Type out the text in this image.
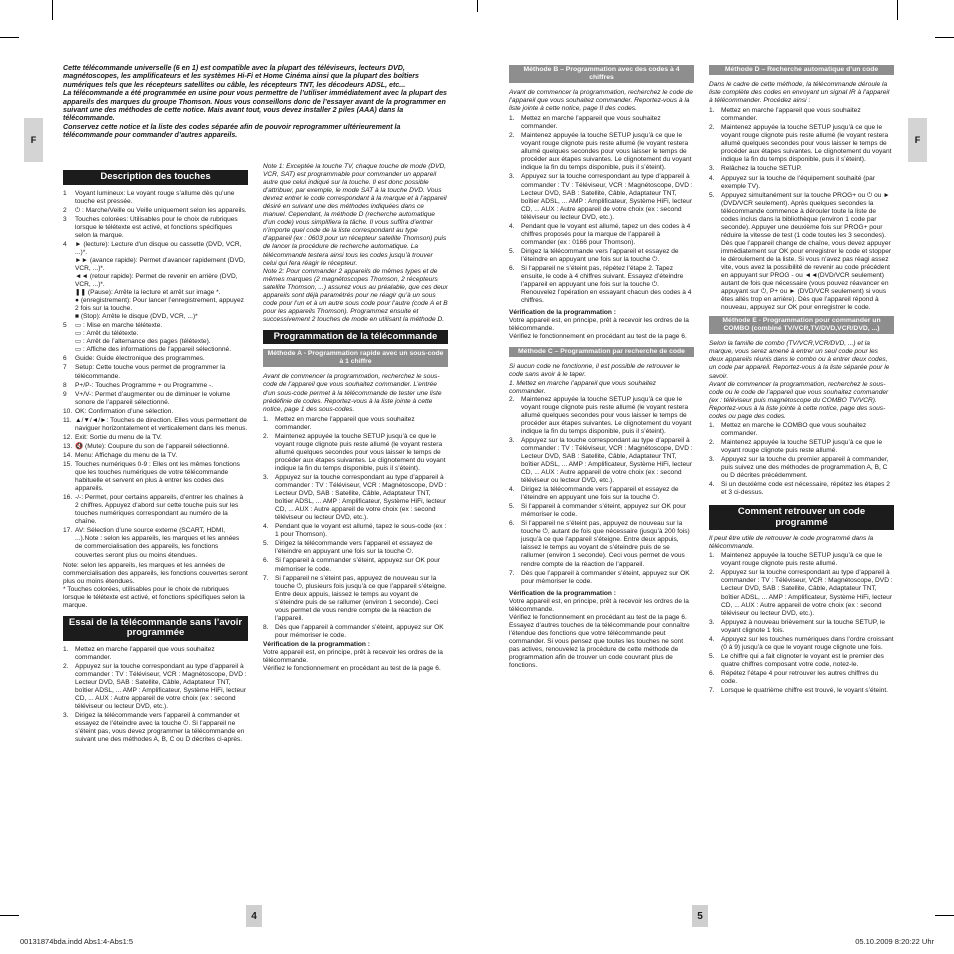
F	F
Cette télécommande universelle (6 en 1) est compatible avec la plupart des téléviseurs, lecteurs DVD, magnétoscopes, les amplificateurs et les systèmes Hi-Fi et Home Cinéma ainsi que la plupart des boîtiers numériques tels que les récepteurs satellites ou câble, les récepteurs TNT, les décodeurs ADSL, etc...
La télécommande a été programmée en usine pour vous permettre de l’utiliser immédiatement avec la plupart des appareils des marques du groupe Thomson. Nous vous conseillons donc de l’essayer avant de la programmer en suivant une des méthodes de cette notice. Mais avant tout, vous devez installer 2 piles (AAA) dans la télécommande.
Conservez cette notice et la liste des codes séparée afin de pouvoir reprogrammer ultérieurement la télécommande pour commander d’autres appareils.
Description des touches
1	Voyant lumineux: Le voyant rouge s’allume dès qu’une touche est pressée.
2	⏻ : Marche/Veille ou Veille uniquement selon les appareils.
3	Touches colorées: Utilisables pour le choix de rubriques lorsque le télétexte est activé, et fonctions spécifiques selon la marque.
4	► (lecture): Lecture d'un disque ou cassette (DVD, VCR, ...)*.
►► (avance rapide): Permet d'avancer rapidement (DVD, VCR, ...)*.
◄◄ (retour rapide): Permet de revenir en arrière (DVD, VCR, ...)*.
❚❚ (Pause): Arrête la lecture et arrêt sur image *.
● (enregistrement): Pour lancer l’enregistrement, appuyez 2 fois sur la touche.
■ (Stop): Arrête le disque (DVD, VCR, ...)*
5	▭ : Mise en marche télétexte.
▭ : Arrêt du télétexte.
▭ : Arrêt de l’alternance des pages (télétexte).
▭ : Affiche des informations de l’appareil sélectionné.
6	Guide: Guide électronique des programmes.
7	Setup: Cette touche vous permet de programmer la télécommande.
8	P+/P-: Touches Programme + ou Programme -.
9	V+/V-: Permet d’augmenter ou de diminuer le volume sonore de l’appareil sélectionné.
10. OK: Confirmation d’une sélection.
11. ▲/▼/◄/►: Touches de direction. Elles vous permettent de naviguer horizontalement et verticalement dans les menus.
12. Exit: Sortie du menu de la TV.
13. 🔇 (Mute): Coupure du son de l’appareil sélectionné.
14. Menu: Affichage du menu de la TV.
15. Touches numériques 0-9 : Elles ont les mêmes fonctions que les touches numériques de votre télécommande habituelle et servent en plus à entrer les codes des appareils.
16. -/-: Permet, pour certains appareils, d’entrer les chaînes à 2 chiffres. Appuyez d’abord sur cette touche puis sur les touches numériques correspondant au numéro de la chaîne.
17. AV: Sélection d’une source externe (SCART, HDMI, ...).Note : selon les appareils, les marques et les années de commercialisation des appareils, les fonctions couvertes seront plus ou moins étendues.
Note: selon les appareils, les marques et les années de commercialisation des appareils, les fonctions couvertes seront plus ou moins étendues.
* Touches colorées, utilisables pour le choix de rubriques lorsque le télétexte est activé, et fonctions spécifiques selon la marque.
Essai de la télécommande sans l’avoir programmée
1. Mettez en marche l’appareil que vous souhaitez commander.
2. Appuyez sur la touche correspondant au type d’appareil à commander : TV : Téléviseur, VCR : Magnétoscope, DVD : Lecteur DVD, SAB : Satellite, Câble, Adaptateur TNT, boîtier ADSL, ... AMP : Amplificateur, Système HiFi, lecteur CD, ... AUX : Autre appareil de votre choix (ex : second téléviseur ou lecteur DVD, etc.).
3. Dirigez la télécommande vers l’appareil à commander et essayez de l’éteindre avec la touche ⏻. Si l’appareil ne s’éteint pas, vous devez programmer la télécommande en suivant une des méthodes A, B, C ou D décrites ci-après.
Note 1: Exceptée la touche TV, chaque touche de mode (DVD, VCR, SAT) est programmable pour commander un appareil autre que celui indiqué sur la touche. Il est donc possible d’attribuer, par exemple, le mode SAT à la touche DVD. Vous devrez entrer le code correspondant à la marque et à l’appareil désiré en suivant une des méthodes indiquées dans ce manuel. Cependant, la méthode D (recherche automatique d’un code) vous simplifiera la tâche. Il vous suffira d’entrer n’importe quel code de la liste correspondant au type d’appareil (ex : 0603 pour un récepteur satellite Thomson) puis de lancer la procédure de recherche automatique. La télécommande testera ainsi tous les codes jusqu’à trouver celui qui fera réagir le récepteur.
Note 2: Pour commander 2 appareils de mêmes types et de mêmes marques (2 magnétoscopes Thomson, 2 récepteurs satellite Thomson, ...) assurez vous au préalable, que ces deux appareils sont déjà paramétrés pour ne réagir qu’à un sous code pour l’un et à un autre sous code pour l’autre (code A et B pour les appareils Thomson). Programmez ensuite et successivement 2 touches de mode en utilisant la méthode D.
Programmation de la télécommande
Méthode A - Programmation rapide avec un sous-code à 1 chiffre
Avant de commencer la programmation, recherchez le sous-code de l’appareil que vous souhaitez commander. L’entrée d’un sous-code permet à la télécommande de tester une liste prédéfinie de codes. Reportez-vous à la liste jointe à cette notice, page 1 des sous-codes.
1. Mettez en marche l’appareil que vous souhaitez commander.
2. Maintenez appuyée la touche SETUP jusqu’à ce que le voyant rouge clignote puis reste allumé (le voyant restera allumé quelques secondes pour vous laisser le temps de procéder aux étapes suivantes. Le clignotement du voyant indique la fin du temps disponible, puis il s’éteint).
3. Appuyez sur la touche correspondant au type d’appareil à commander : TV : Téléviseur, VCR : Magnétoscope, DVD : Lecteur DVD, SAB : Satellite, Câble, Adaptateur TNT, boîtier ADSL, ... AMP : Amplificateur, Système HiFi, lecteur CD, ... AUX : Autre appareil de votre choix (ex : second téléviseur ou lecteur DVD, etc.).
4. Pendant que le voyant est allumé, tapez le sous-code (ex : 1 pour Thomson).
5. Dirigez la télécommande vers l’appareil et essayez de l’éteindre en appuyant une fois sur la touche ⏻.
6. Si l’appareil à commander s’éteint, appuyez sur OK pour mémoriser le code.
7. Si l’appareil ne s’éteint pas, appuyez de nouveau sur la touche ⏻, plusieurs fois jusqu’à ce que l’appareil s’éteigne. Entre deux appuis, laissez le temps au voyant de s’éteindre puis de se rallumer (environ 1 seconde). Ceci vous permet de vous rendre compte de la réaction de l’appareil.
8. Dès que l’appareil à commander s’éteint, appuyez sur OK pour mémoriser le code.
Vérification de la programmation :
Votre appareil est, en principe, prêt à recevoir les ordres de la télécommande.
Vérifiez le fonctionnement en procédant au test de la page 6.
Méthode B – Programmation avec des codes à 4 chiffres
Avant de commencer la programmation, recherchez le code de l’appareil que vous souhaitez commander. Reportez-vous à la liste jointe à cette notice, page II des codes.
1. Mettez en marche l’appareil que vous souhaitez commander.
2. Maintenez appuyée la touche SETUP jusqu’à ce que le voyant rouge clignote puis reste allumé (le voyant restera allumé quelques secondes pour vous laisser le temps de procéder aux étapes suivantes. Le clignotement du voyant indique la fin du temps disponible, puis il s’éteint).
3. Appuyez sur la touche correspondant au type d’appareil à commander : TV : Téléviseur, VCR : Magnétoscope, DVD : Lecteur DVD, SAB : Satellite, Câble, Adaptateur TNT, boîtier ADSL, ... AMP : Amplificateur, Système HiFi, lecteur CD, ... AUX : Autre appareil de votre choix (ex : second téléviseur ou lecteur DVD, etc.).
4. Pendant que le voyant est allumé, tapez un des codes à 4 chiffres proposés pour la marque de l’appareil à commander (ex : 0166 pour Thomson).
5. Dirigez la télécommande vers l’appareil et essayez de l’éteindre en appuyant une fois sur la touche ⏻.
6. Si l’appareil ne s’éteint pas, répétez l’étape 2. Tapez ensuite, le code à 4 chiffres suivant. Essayez d’éteindre l’appareil en appuyant une fois sur la touche ⏻. Renouvelez l’opération en essayant chacun des codes à 4 chiffres.
Vérification de la programmation :
Votre appareil est, en principe, prêt à recevoir les ordres de la télécommande.
Vérifiez le fonctionnement en procédant au test de la page 6.
Méthode C – Programmation par recherche de code
Si aucun code ne fonctionne, il est possible de retrouver le code sans avoir à le taper.
1. Mettez en marche l’appareil que vous souhaitez commander.
2. Maintenez appuyée la touche SETUP jusqu’à ce que le voyant rouge clignote puis reste allumé (le voyant restera allumé quelques secondes pour vous laisser le temps de procéder aux étapes suivantes. Le clignotement du voyant indique la fin du temps disponible, puis il s’éteint).
3. Appuyez sur la touche correspondant au type d’appareil à commander : TV : Téléviseur, VCR : Magnétoscope, DVD : Lecteur DVD, SAB : Satellite, Câble, Adaptateur TNT, boîtier ADSL, ... AMP : Amplificateur, Système HiFi, lecteur CD, ... AUX : Autre appareil de votre choix (ex : second téléviseur ou lecteur DVD, etc.).
4. Dirigez la télécommande vers l’appareil et essayez de l’éteindre en appuyant une fois sur la touche ⏻.
5. Si l’appareil à commander s’éteint, appuyez sur OK pour mémoriser le code.
6. Si l’appareil ne s’éteint pas, appuyez de nouveau sur la touche ⏻, autant de fois que nécessaire (jusqu’à 200 fois) jusqu’à ce que l’appareil s’éteigne. Entre deux appuis, laissez le temps au voyant de s’éteindre puis de se rallumer (environ 1 seconde). Ceci vous permet de vous rendre compte de la réaction de l’appareil.
7. Dès que l’appareil à commander s’éteint, appuyez sur OK pour mémoriser le code.
Vérification de la programmation :
Votre appareil est, en principe, prêt à recevoir les ordres de la télécommande.
Vérifiez le fonctionnement en procédant au test de la page 6.
Essayez d’autres touches de la télécommande pour connaître l’étendue des fonctions que votre télécommande peut commander. Si vous pensez que toutes les touches ne sont pas actives, renouvelez la procédure de cette méthode de programmation afin de trouver un code couvrant plus de fonctions.
Méthode D – Recherche automatique d’un code
Dans le cadre de cette méthode, la télécommande déroule la liste complète des codes en envoyant un signal IR à l’appareil à télécommander. Procédez ainsi :
1. Mettez en marche l’appareil que vous souhaitez commander.
2. Maintenez appuyée la touche SETUP jusqu’à ce que le voyant rouge clignote puis reste allumé (le voyant restera allumé quelques secondes pour vous laisser le temps de procéder aux étapes suivantes. Le clignotement du voyant indique la fin du temps disponible, puis il s’éteint).
3. Relâchez la touche SETUP.
4. Appuyez sur la touche de l’équipement souhaité (par exemple TV).
5. Appuyez simultanément sur la touche PROG+ ou ⏻ ou ► (DVD/VCR seulement). Après quelques secondes la télécommande commence à dérouler toute la liste de codes inclus dans la bibliothèque (environ 1 code par seconde). Appuyer une deuxième fois sur PROG+ pour réduire la vitesse de test (1 code toutes les 3 secondes). Dès que l’appareil change de chaîne, vous devez appuyer immédiatement sur OK pour enregistrer le code et stopper le déroulement de la liste. Si vous n’avez pas réagi assez vite, vous avez la possibilité de revenir au code précédent en appuyant sur PROG - ou ◄◄(DVD/VCR seulement) autant de fois que nécessaire (vous pouvez réavancer en appuyant sur ⏻, P+ ou ► (DVD/VCR seulement) si vous êtes allés trop en arrière). Dès que l’appareil répond à nouveau, appuyez sur OK pour enregistrer le code.
Méthode E - Programmation pour commander un COMBO (combiné TV/VCR,TV/DVD,VCR/DVD, ...)
Selon la famille de combo (TV/VCR,VCR/DVD, ...) et la marque, vous serez amené à entrer un seul code pour les deux appareils réunis dans le combo ou à entrer deux codes, un code par appareil. Reportez-vous à la liste séparée pour le savoir.
Avant de commencer la programmation, recherchez le sous-code ou le code de l’appareil que vous souhaitez commander (ex : téléviseur puis magnétoscope du COMBO TV/VCR). Reportez-vous à la liste jointe à cette notice, page des sous-codes ou page des codes.
1. Mettez en marche le COMBO que vous souhaitez commander.
2. Maintenez appuyée la touche SETUP jusqu’à ce que le voyant rouge clignote puis reste allumé.
3. Appuyez sur la touche du premier appareil à commander, puis suivez une des méthodes de programmation A, B, C ou D décrites précédemment.
4. Si un deuxième code est nécessaire, répétez les étapes 2 et 3 ci-dessus.
Comment retrouver un code programmé
Il peut être utile de retrouver le code programmé dans la télécommande.
1. Maintenez appuyée la touche SETUP jusqu’à ce que le voyant rouge clignote puis reste allumé.
2. Appuyez sur la touche correspondant au type d’appareil à commander : TV : Téléviseur, VCR : Magnétoscope, DVD : Lecteur DVD, SAB : Satellite, Câble, Adaptateur TNT, boîtier ADSL, ... AMP : Amplificateur, Système HiFi, lecteur CD, ... AUX : Autre appareil de votre choix (ex : second téléviseur ou lecteur DVD, etc.).
3. Appuyez à nouveau brièvement sur la touche SETUP, le voyant clignote 1 fois.
4. Appuyez sur les touches numériques dans l’ordre croissant (0 à 9) jusqu’à ce que le voyant rouge clignote une fois.
5. Le chiffre qui a fait clignoter le voyant est le premier des quatre chiffres composant votre code, notez-le.
6. Répétez l’étape 4 pour retrouver les autres chiffres du code.
7. Lorsque le quatrième chiffre est trouvé, le voyant s’éteint.
4	5
00131874bda.indd Abs1:4-Abs1:5	05.10.2009 8:20:22 Uhr
